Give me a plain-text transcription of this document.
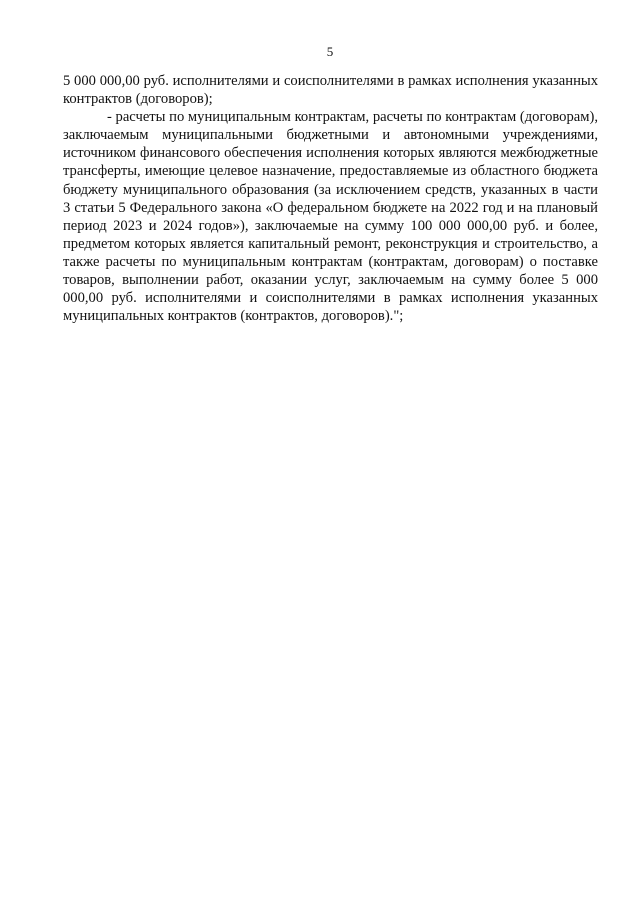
5

5 000 000,00 руб. исполнителями и соисполнителями в рамках исполнения указанных контрактов (договоров);

- расчеты по муниципальным контрактам, расчеты по контрактам (договорам), заключаемым муниципальными бюджетными и автономными учреждениями, источником финансового обеспечения исполнения которых являются межбюджетные трансферты, имеющие целевое назначение, предоставляемые из областного бюджета бюджету муниципального образования (за исключением средств, указанных в части 3 статьи 5 Федерального закона «О федеральном бюджете на 2022 год и на плановый период 2023 и 2024 годов»), заключаемые на сумму 100 000 000,00 руб. и более, предметом которых является капитальный ремонт, реконструкция и строительство, а также расчеты по муниципальным контрактам (контрактам, договорам) о поставке товаров, выполнении работ, оказании услуг, заключаемым на сумму более 5 000 000,00 руб. исполнителями и соисполнителями в рамках исполнения указанных муниципальных контрактов (контрактов, договоров).";
